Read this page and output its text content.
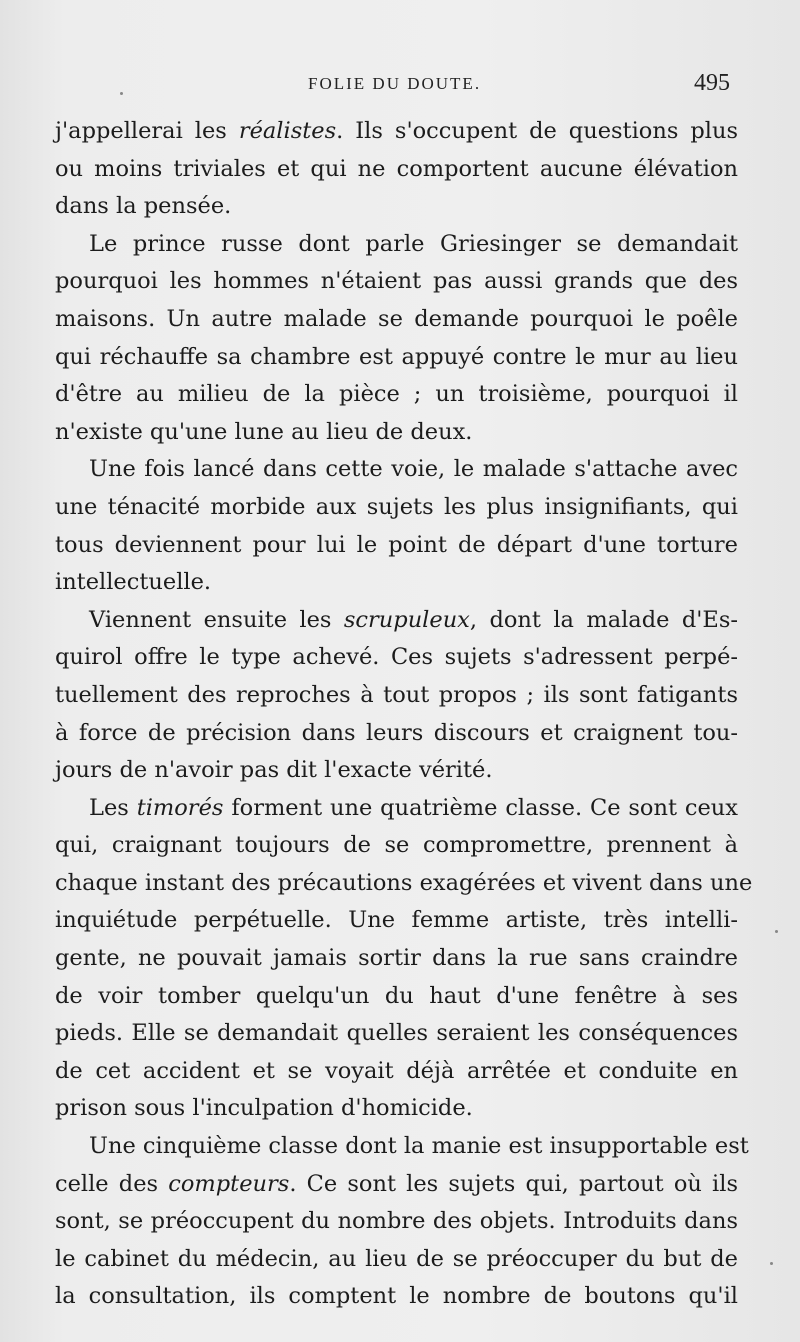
FOLIE DU DOUTE.	495
j'appellerai les réalistes. Ils s'occupent de questions plus
ou moins triviales et qui ne comportent aucune élévation
dans la pensée.
Le prince russe dont parle Griesinger se demandait
pourquoi les hommes n'étaient pas aussi grands que des
maisons. Un autre malade se demande pourquoi le poêle
qui réchauffe sa chambre est appuyé contre le mur au lieu
d'être au milieu de la pièce ; un troisième, pourquoi il
n'existe qu'une lune au lieu de deux.
Une fois lancé dans cette voie, le malade s'attache avec
une ténacité morbide aux sujets les plus insignifiants, qui
tous deviennent pour lui le point de départ d'une torture
intellectuelle.
Viennent ensuite les scrupuleux, dont la malade d'Es-
quirol offre le type achevé. Ces sujets s'adressent perpé-
tuellement des reproches à tout propos ; ils sont fatigants
à force de précision dans leurs discours et craignent tou-
jours de n'avoir pas dit l'exacte vérité.
Les timorés forment une quatrième classe. Ce sont ceux
qui, craignant toujours de se compromettre, prennent à
chaque instant des précautions exagérées et vivent dans une
inquiétude perpétuelle. Une femme artiste, très intelli-
gente, ne pouvait jamais sortir dans la rue sans craindre
de voir tomber quelqu'un du haut d'une fenêtre à ses
pieds. Elle se demandait quelles seraient les conséquences
de cet accident et se voyait déjà arrêtée et conduite en
prison sous l'inculpation d'homicide.
Une cinquième classe dont la manie est insupportable est
celle des compteurs. Ce sont les sujets qui, partout où ils
sont, se préoccupent du nombre des objets. Introduits dans
le cabinet du médecin, au lieu de se préoccuper du but de
la consultation, ils comptent le nombre de boutons qu'il
